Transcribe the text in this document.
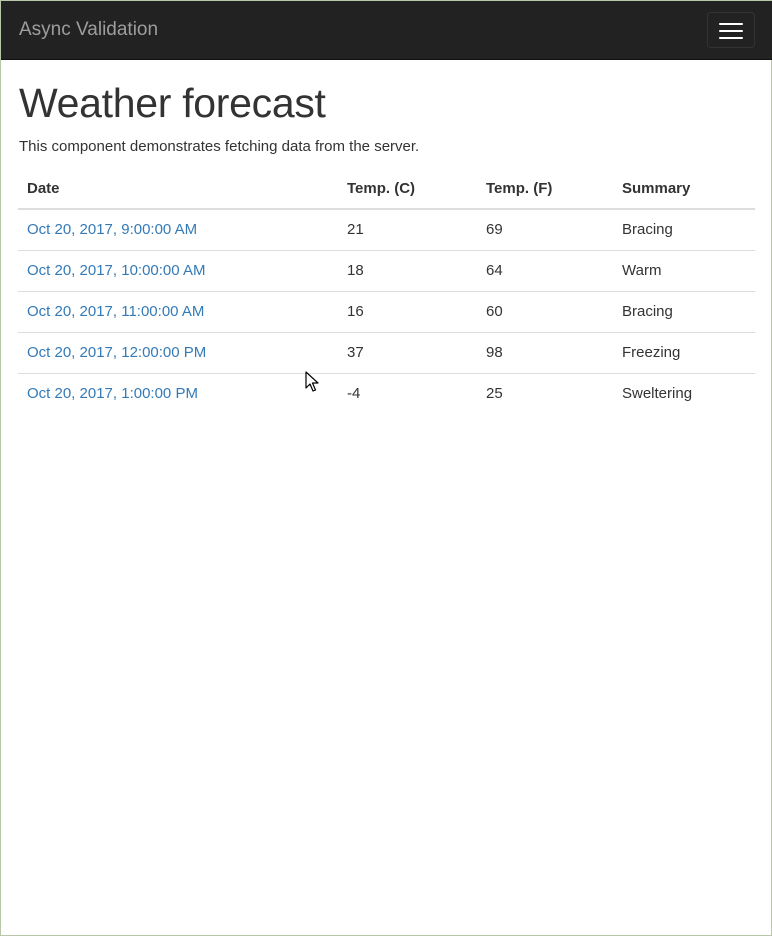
Async Validation
Weather forecast

This component demonstrates fetching data from the server.

Date	Temp. (C)	Temp. (F)	Summary
Oct 20, 2017, 9:00:00 AM	21	69	Bracing
Oct 20, 2017, 10:00:00 AM	18	64	Warm
Oct 20, 2017, 11:00:00 AM	16	60	Bracing
Oct 20, 2017, 12:00:00 PM	37	98	Freezing
Oct 20, 2017, 1:00:00 PM	-4	25	Sweltering
